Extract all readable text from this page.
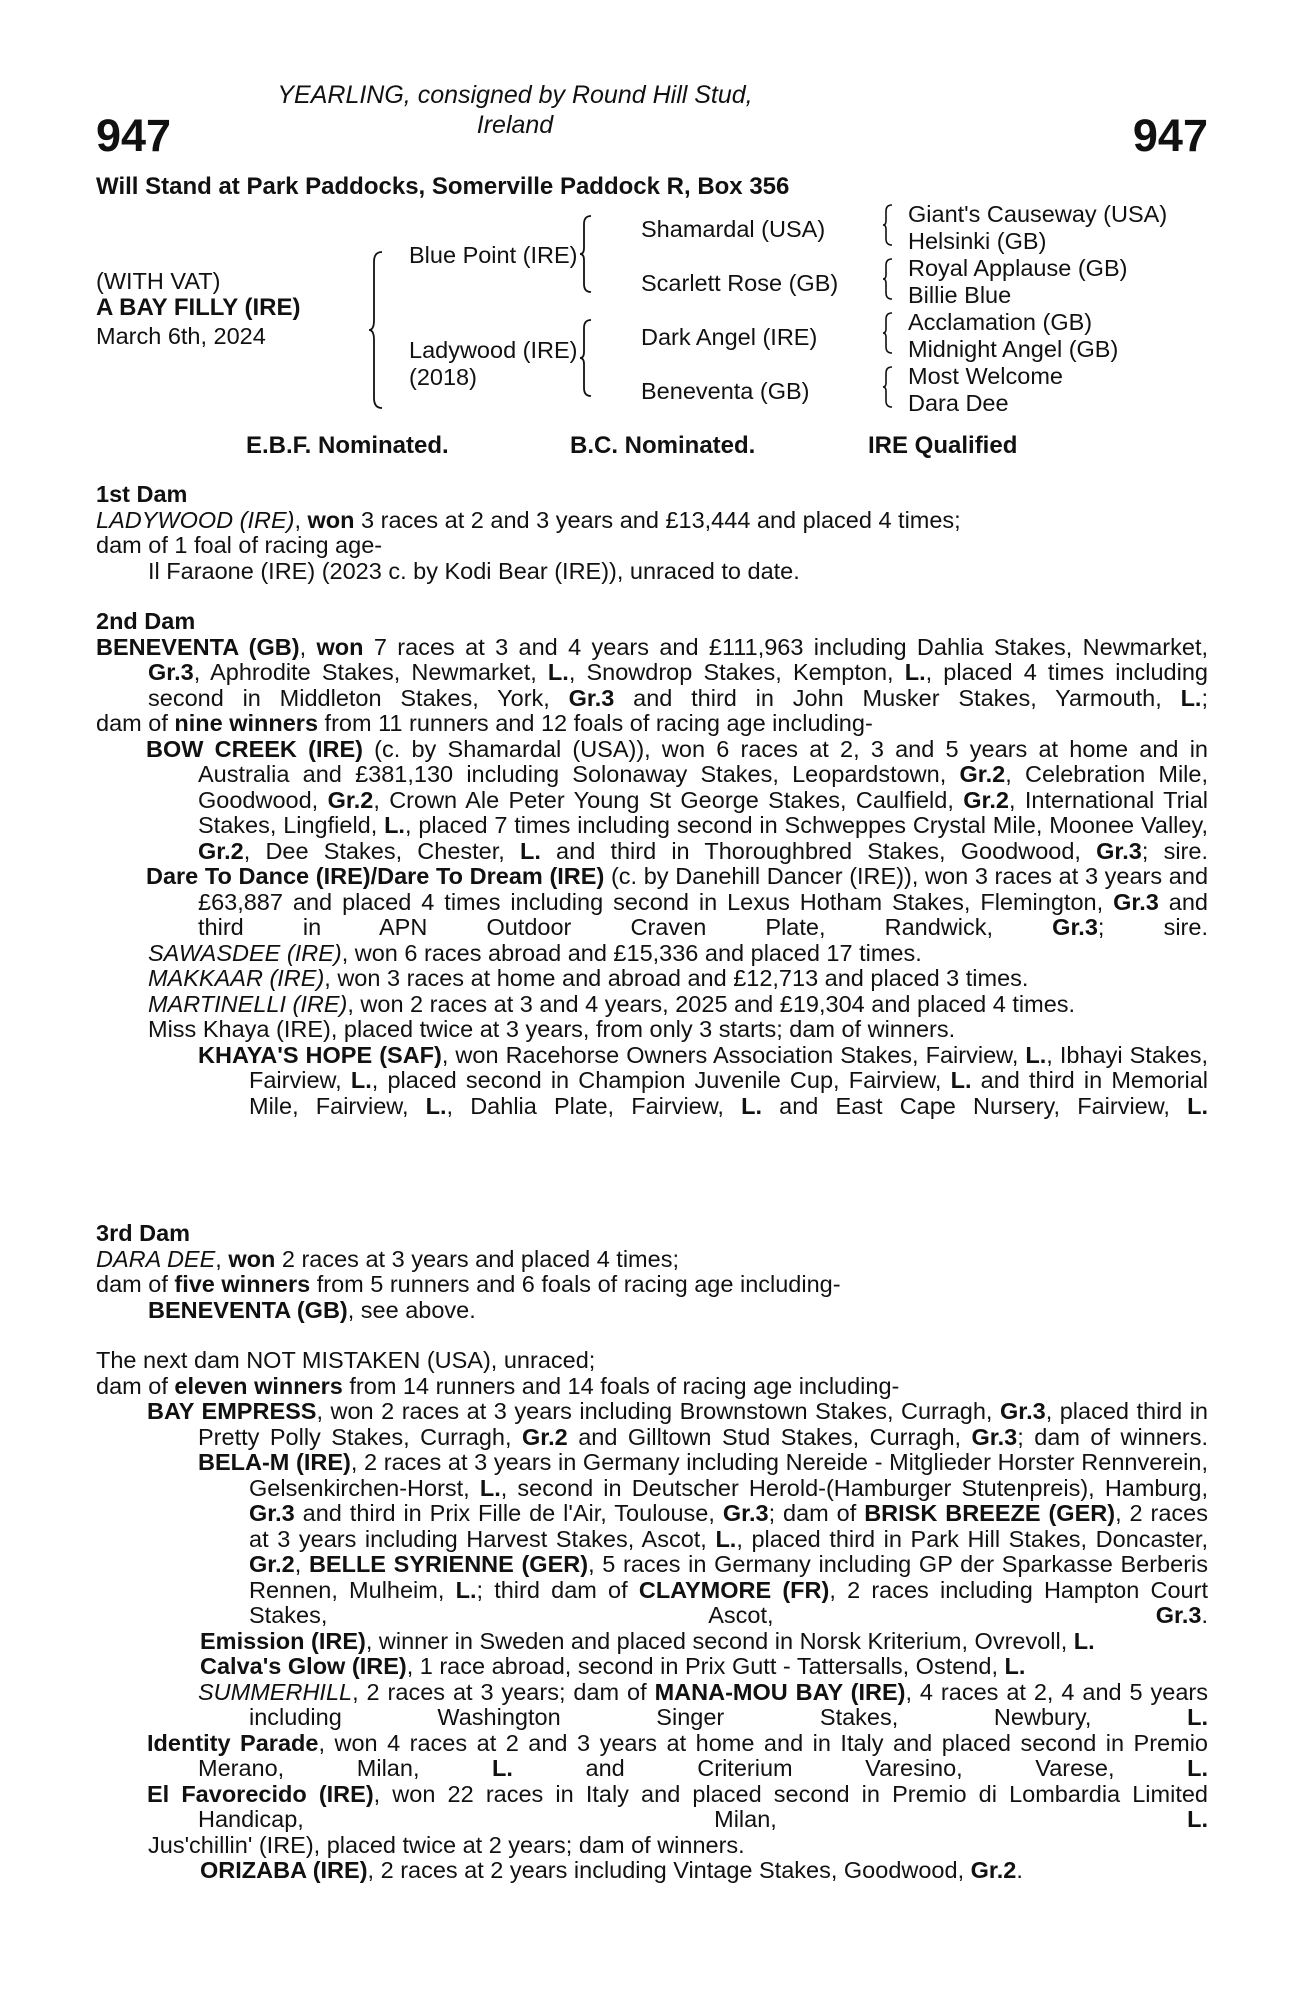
YEARLING, consigned by Round Hill Stud, Ireland
947	947
Will Stand at Park Paddocks, Somerville Paddock R, Box 356
(WITH VAT)
A BAY FILLY (IRE)
March 6th, 2024
Blue Point (IRE)
Ladywood (IRE)
(2018)
Shamardal (USA)
Scarlett Rose (GB)
Dark Angel (IRE)
Beneventa (GB)
Giant's Causeway (USA)
Helsinki (GB)
Royal Applause (GB)
Billie Blue
Acclamation (GB)
Midnight Angel (GB)
Most Welcome
Dara Dee
E.B.F. Nominated.	B.C. Nominated.	IRE Qualified
1st Dam
LADYWOOD (IRE), won 3 races at 2 and 3 years and £13,444 and placed 4 times;
dam of 1 foal of racing age-
Il Faraone (IRE) (2023 c. by Kodi Bear (IRE)), unraced to date.
2nd Dam
BENEVENTA (GB), won 7 races at 3 and 4 years and £111,963 including Dahlia Stakes, Newmarket, Gr.3, Aphrodite Stakes, Newmarket, L., Snowdrop Stakes, Kempton, L., placed 4 times including second in Middleton Stakes, York, Gr.3 and third in John Musker Stakes, Yarmouth, L.;
dam of nine winners from 11 runners and 12 foals of racing age including-
BOW CREEK (IRE) (c. by Shamardal (USA)), won 6 races at 2, 3 and 5 years at home and in Australia and £381,130 including Solonaway Stakes, Leopardstown, Gr.2, Celebration Mile, Goodwood, Gr.2, Crown Ale Peter Young St George Stakes, Caulfield, Gr.2, International Trial Stakes, Lingfield, L., placed 7 times including second in Schweppes Crystal Mile, Moonee Valley, Gr.2, Dee Stakes, Chester, L. and third in Thoroughbred Stakes, Goodwood, Gr.3; sire.
Dare To Dance (IRE)/Dare To Dream (IRE) (c. by Danehill Dancer (IRE)), won 3 races at 3 years and £63,887 and placed 4 times including second in Lexus Hotham Stakes, Flemington, Gr.3 and third in APN Outdoor Craven Plate, Randwick, Gr.3; sire.
SAWASDEE (IRE), won 6 races abroad and £15,336 and placed 17 times.
MAKKAAR (IRE), won 3 races at home and abroad and £12,713 and placed 3 times.
MARTINELLI (IRE), won 2 races at 3 and 4 years, 2025 and £19,304 and placed 4 times.
Miss Khaya (IRE), placed twice at 3 years, from only 3 starts; dam of winners.
KHAYA'S HOPE (SAF), won Racehorse Owners Association Stakes, Fairview, L., Ibhayi Stakes, Fairview, L., placed second in Champion Juvenile Cup, Fairview, L. and third in Memorial Mile, Fairview, L., Dahlia Plate, Fairview, L. and East Cape Nursery, Fairview, L.
3rd Dam
DARA DEE, won 2 races at 3 years and placed 4 times;
dam of five winners from 5 runners and 6 foals of racing age including-
BENEVENTA (GB), see above.
The next dam NOT MISTAKEN (USA), unraced;
dam of eleven winners from 14 runners and 14 foals of racing age including-
BAY EMPRESS, won 2 races at 3 years including Brownstown Stakes, Curragh, Gr.3, placed third in Pretty Polly Stakes, Curragh, Gr.2 and Gilltown Stud Stakes, Curragh, Gr.3; dam of winners.
BELA-M (IRE), 2 races at 3 years in Germany including Nereide - Mitglieder Horster Rennverein, Gelsenkirchen-Horst, L., second in Deutscher Herold-(Hamburger Stutenpreis), Hamburg, Gr.3 and third in Prix Fille de l'Air, Toulouse, Gr.3; dam of BRISK BREEZE (GER), 2 races at 3 years including Harvest Stakes, Ascot, L., placed third in Park Hill Stakes, Doncaster, Gr.2, BELLE SYRIENNE (GER), 5 races in Germany including GP der Sparkasse Berberis Rennen, Mulheim, L.; third dam of CLAYMORE (FR), 2 races including Hampton Court Stakes, Ascot, Gr.3.
Emission (IRE), winner in Sweden and placed second in Norsk Kriterium, Ovrevoll, L.
Calva's Glow (IRE), 1 race abroad, second in Prix Gutt - Tattersalls, Ostend, L.
SUMMERHILL, 2 races at 3 years; dam of MANA-MOU BAY (IRE), 4 races at 2, 4 and 5 years including Washington Singer Stakes, Newbury, L.
Identity Parade, won 4 races at 2 and 3 years at home and in Italy and placed second in Premio Merano, Milan, L. and Criterium Varesino, Varese, L.
El Favorecido (IRE), won 22 races in Italy and placed second in Premio di Lombardia Limited Handicap, Milan, L.
Jus'chillin' (IRE), placed twice at 2 years; dam of winners.
ORIZABA (IRE), 2 races at 2 years including Vintage Stakes, Goodwood, Gr.2.
